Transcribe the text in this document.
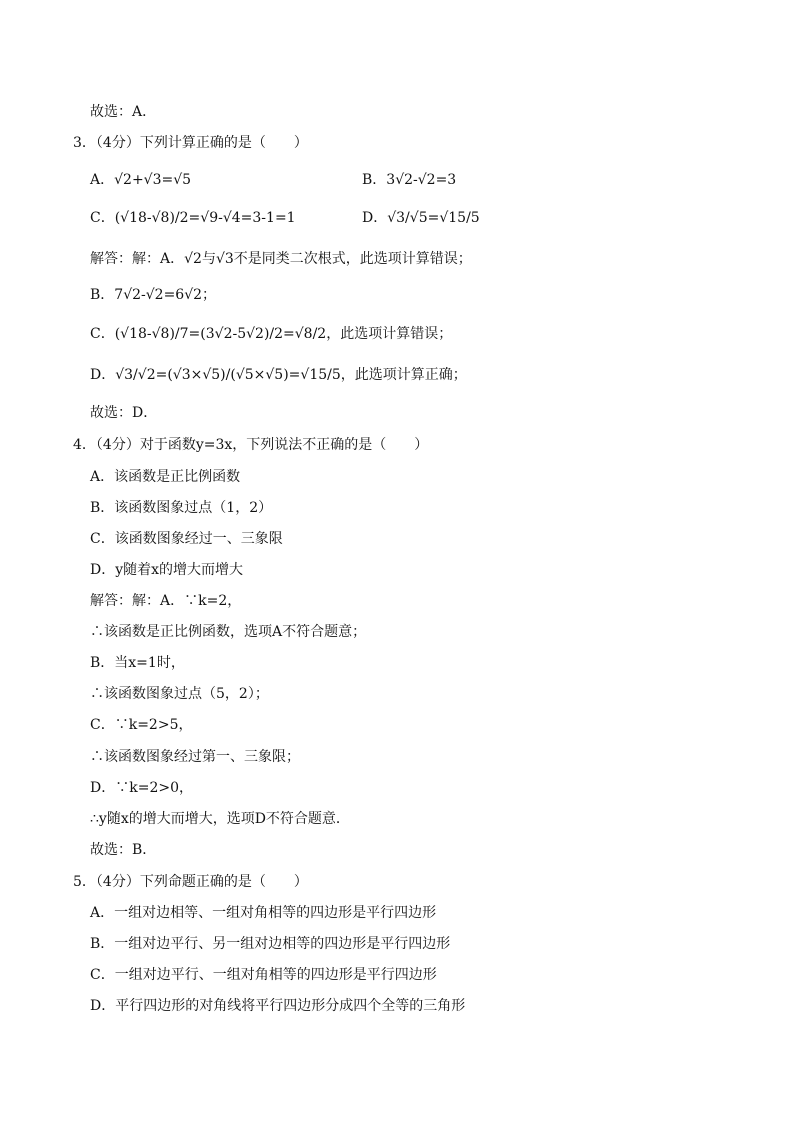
故选：A．
3．（4分）下列计算正确的是（　　）
A．√2+√3=√5	B．3√2-√2=3
C．(√18-√8)/2=√9-√4=3-1=1	D．√3/√5=√15/5
解答：解：A．√2与√3不是同类二次根式，此选项计算错误；
B．7√2-√2=6√2；
C．(√18-√8)/7=(3√2-5√2)/2=√8/2，此选项计算错误；
D．√3/√2=(√3×√5)/(√5×√5)=√15/5，此选项计算正确；
故选：D．
4．（4分）对于函数y=3x，下列说法不正确的是（　　）
A．该函数是正比例函数
B．该函数图象过点（1，2）
C．该函数图象经过一、三象限
D．y随着x的增大而增大
解答：解：A．∵k=2，
∴该函数是正比例函数，选项A不符合题意；
B．当x=1时，
∴该函数图象过点（5，2）；
C．∵k=2>5，
∴该函数图象经过第一、三象限；
D．∵k=2>0，
∴y随x的增大而增大，选项D不符合题意．
故选：B．
5．（4分）下列命题正确的是（　　）
A．一组对边相等、一组对角相等的四边形是平行四边形
B．一组对边平行、另一组对边相等的四边形是平行四边形
C．一组对边平行、一组对角相等的四边形是平行四边形
D．平行四边形的对角线将平行四边形分成四个全等的三角形
